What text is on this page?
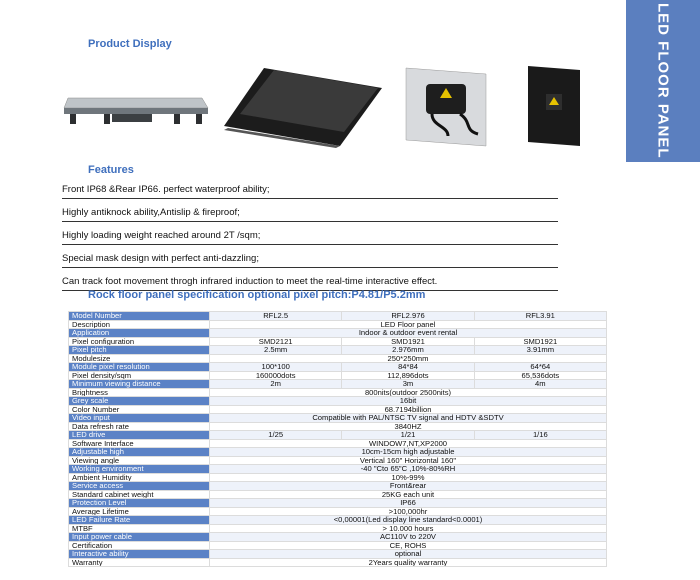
LED FLOOR PANEL
Product Display
Features
Front IP68 &Rear IP66. perfect waterproof ability;
Highly antiknock ability,Antislip & fireproof;
Highly loading weight reached around 2T /sqm;
Special mask design with perfect anti-dazzling;
Can track foot movement throgh infrared induction to meet the real-time interactive effect.
Rock floor panel specification optional pixel pitch:P4.81/P5.2mm
Model Number	RFL2.5	RFL2.976	RFL3.91
Description	LED Floor panel		
Application	Indoor & outdoor event rental		
Pixel configuration	SMD2121	SMD1921	SMD1921
Pixel pitch	2.5mm	2.976mm	3.91mm
Modulesize	250*250mm		
Module pixel resolution	100*100	84*84	64*64
Pixel density/sqm	160000dots	112,896dots	65,536dots
Minimum viewing distance	2m	3m	4m
Brightness	800nits(outdoor 2500nits)		
Grey scale	16bit		
Color Number	68.7194billion		
Video input	Compatible with PAL/NTSC TV signal and HDTV &SDTV		
Data refresh rate	3840HZ		
LED drive	1/25	1/21	1/16
Software Interface	WINDOW7,NT,XP2000		
Adjustable high	10cm-15cm high adjustable		
Viewing angle	Vertical 160" Horizontal 160"		
Working environment	-40 "Cto 65"C ,10%-80%RH		
Ambient Humidity	10%-99%		
Service access	Front&rear		
Standard cabinet weight	25KG each unit		
Protection Level	IP66		
Average Lifetime	>100,000hr		
LED Failure Rate	<0,00001(Led display line standard<0.0001)		
MTBF	> 10.000 hours		
Input power cable	AC110V to 220V		
Certification	CE, ROHS		
Interactive ability	optional		
Warranty	2Years quality warranty		
